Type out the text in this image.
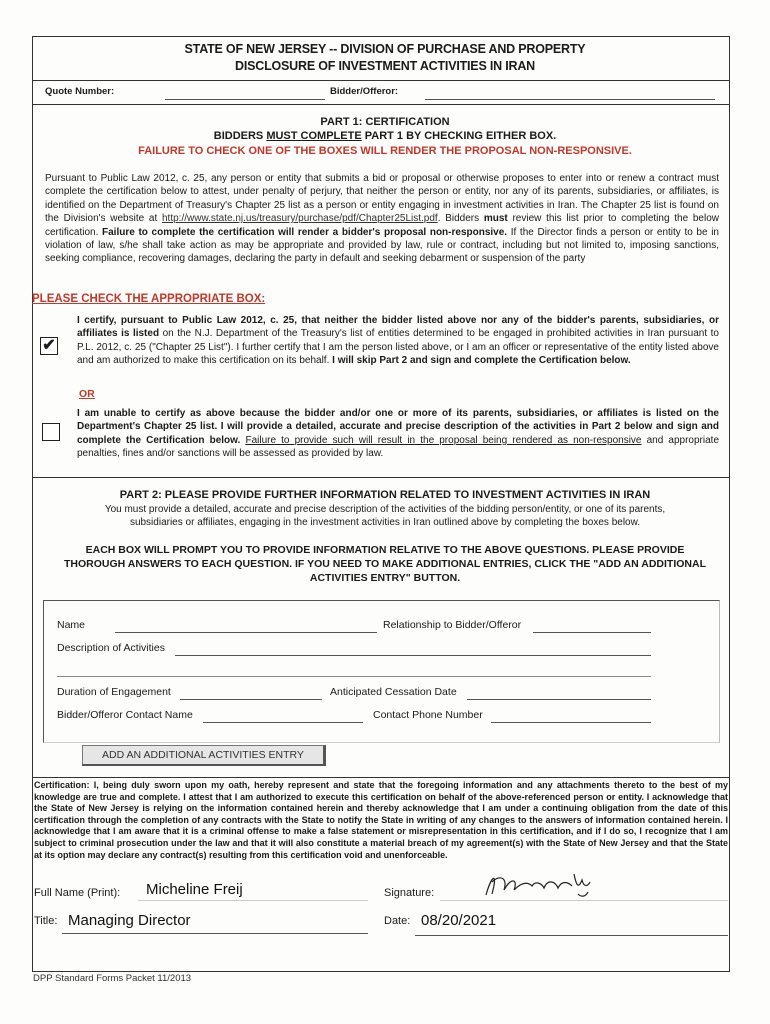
STATE OF NEW JERSEY -- DIVISION OF PURCHASE AND PROPERTY
DISCLOSURE OF INVESTMENT ACTIVITIES IN IRAN
Quote Number:	Bidder/Offeror:
PART 1: CERTIFICATION
BIDDERS MUST COMPLETE PART 1 BY CHECKING EITHER BOX.
FAILURE TO CHECK ONE OF THE BOXES WILL RENDER THE PROPOSAL NON-RESPONSIVE.
Pursuant to Public Law 2012, c. 25, any person or entity that submits a bid or proposal or otherwise proposes to enter into or renew a contract must complete the certification below to attest, under penalty of perjury, that neither the person or entity, nor any of its parents, subsidiaries, or affiliates, is identified on the Department of Treasury's Chapter 25 list as a person or entity engaging in investment activities in Iran. The Chapter 25 list is found on the Division's website at http://www.state.nj.us/treasury/purchase/pdf/Chapter25List.pdf. Bidders must review this list prior to completing the below certification. Failure to complete the certification will render a bidder's proposal non-responsive. If the Director finds a person or entity to be in violation of law, s/he shall take action as may be appropriate and provided by law, rule or contract, including but not limited to, imposing sanctions, seeking compliance, recovering damages, declaring the party in default and seeking debarment or suspension of the party
PLEASE CHECK THE APPROPRIATE BOX:
✔
I certify, pursuant to Public Law 2012, c. 25, that neither the bidder listed above nor any of the bidder's parents, subsidiaries, or affiliates is listed on the N.J. Department of the Treasury's list of entities determined to be engaged in prohibited activities in Iran pursuant to P.L. 2012, c. 25 ("Chapter 25 List"). I further certify that I am the person listed above, or I am an officer or representative of the entity listed above and am authorized to make this certification on its behalf. I will skip Part 2 and sign and complete the Certification below.
OR
I am unable to certify as above because the bidder and/or one or more of its parents, subsidiaries, or affiliates is listed on the Department's Chapter 25 list. I will provide a detailed, accurate and precise description of the activities in Part 2 below and sign and complete the Certification below. Failure to provide such will result in the proposal being rendered as non-responsive and appropriate penalties, fines and/or sanctions will be assessed as provided by law.
PART 2: PLEASE PROVIDE FURTHER INFORMATION RELATED TO INVESTMENT ACTIVITIES IN IRAN
You must provide a detailed, accurate and precise description of the activities of the bidding person/entity, or one of its parents,
subsidiaries or affiliates, engaging in the investment activities in Iran outlined above by completing the boxes below.
EACH BOX WILL PROMPT YOU TO PROVIDE INFORMATION RELATIVE TO THE ABOVE QUESTIONS. PLEASE PROVIDE
THOROUGH ANSWERS TO EACH QUESTION. IF YOU NEED TO MAKE ADDITIONAL ENTRIES, CLICK THE "ADD AN ADDITIONAL
ACTIVITIES ENTRY" BUTTON.
Name	Relationship to Bidder/Offeror
Description of Activities
Duration of Engagement	Anticipated Cessation Date
Bidder/Offeror Contact Name	Contact Phone Number
ADD AN ADDITIONAL ACTIVITIES ENTRY
Certification: I, being duly sworn upon my oath, hereby represent and state that the foregoing information and any attachments thereto to the best of my knowledge are true and complete. I attest that I am authorized to execute this certification on behalf of the above-referenced person or entity. I acknowledge that the State of New Jersey is relying on the information contained herein and thereby acknowledge that I am under a continuing obligation from the date of this certification through the completion of any contracts with the State to notify the State in writing of any changes to the answers of information contained herein. I acknowledge that I am aware that it is a criminal offense to make a false statement or misrepresentation in this certification, and if I do so, I recognize that I am subject to criminal prosecution under the law and that it will also constitute a material breach of my agreement(s) with the State of New Jersey and that the State at its option may declare any contract(s) resulting from this certification void and unenforceable.
Full Name (Print): Micheline Freij	Signature:
Title: Managing Director	Date: 08/20/2021
DPP Standard Forms Packet 11/2013
